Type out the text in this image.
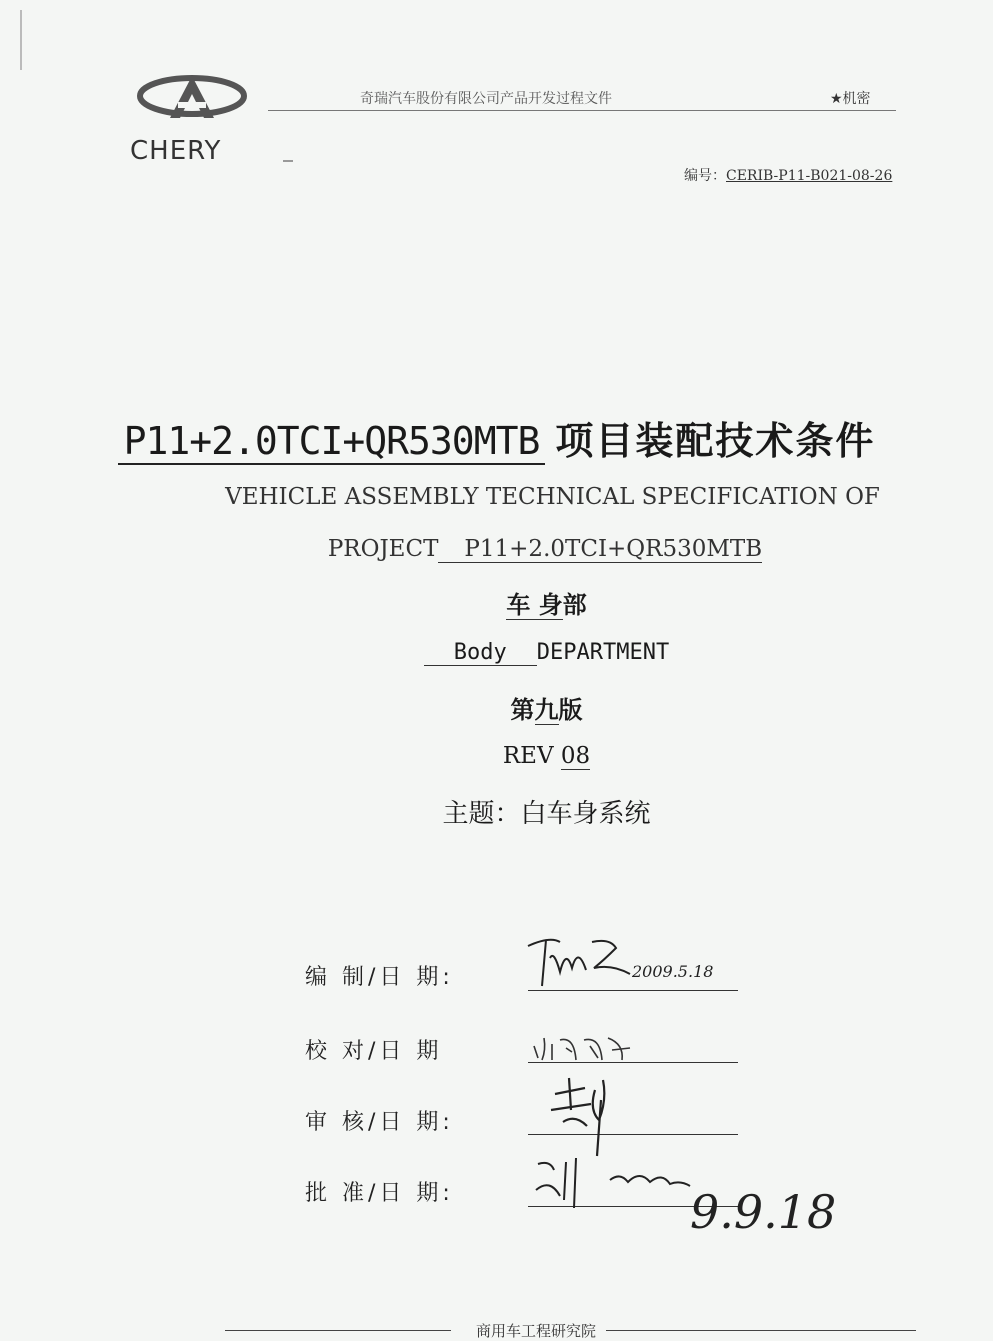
CHERY
奇瑞汽车股份有限公司产品开发过程文件	★机密
编号：CERIB-P11-B021-08-26
P11+2.0TCI+QR530MTB 项目装配技术条件
VEHICLE ASSEMBLY TECHNICAL SPECIFICATION OF
PROJECT P11+2.0TCI+QR530MTB
车 身部
Body DEPARTMENT
第九版
REV 08
主题：白车身系统
编 制/日 期:	2009.5.18
校 对/日 期
审 核/日 期:
批 准/日 期:	9.9.18
商用车工程研究院
